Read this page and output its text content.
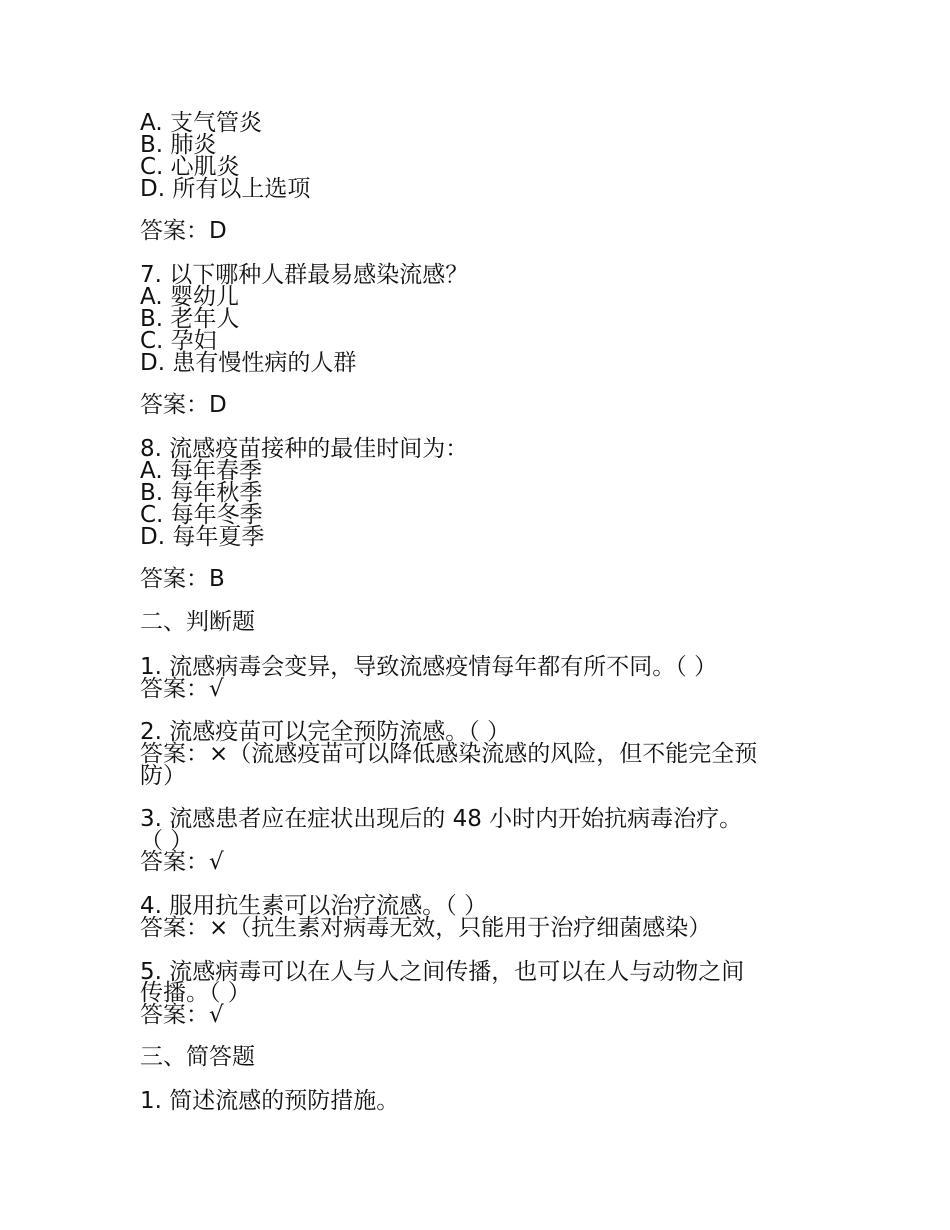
A. 支气管炎
B. 肺炎
C. 心肌炎
D. 所有以上选项
答案：D
7. 以下哪种人群最易感染流感？
A. 婴幼儿
B. 老年人
C. 孕妇
D. 患有慢性病的人群
答案：D
8. 流感疫苗接种的最佳时间为：
A. 每年春季
B. 每年秋季
C. 每年冬季
D. 每年夏季
答案：B
二、判断题
1. 流感病毒会变异，导致流感疫情每年都有所不同。（ ）
答案：√
2. 流感疫苗可以完全预防流感。（ ）
答案：×（流感疫苗可以降低感染流感的风险，但不能完全预
防）
3. 流感患者应在症状出现后的 48 小时内开始抗病毒治疗。
（ ）
答案：√
4. 服用抗生素可以治疗流感。（ ）
答案：×（抗生素对病毒无效，只能用于治疗细菌感染）
5. 流感病毒可以在人与人之间传播，也可以在人与动物之间
传播。（ ）
答案：√
三、简答题
1. 简述流感的预防措施。
